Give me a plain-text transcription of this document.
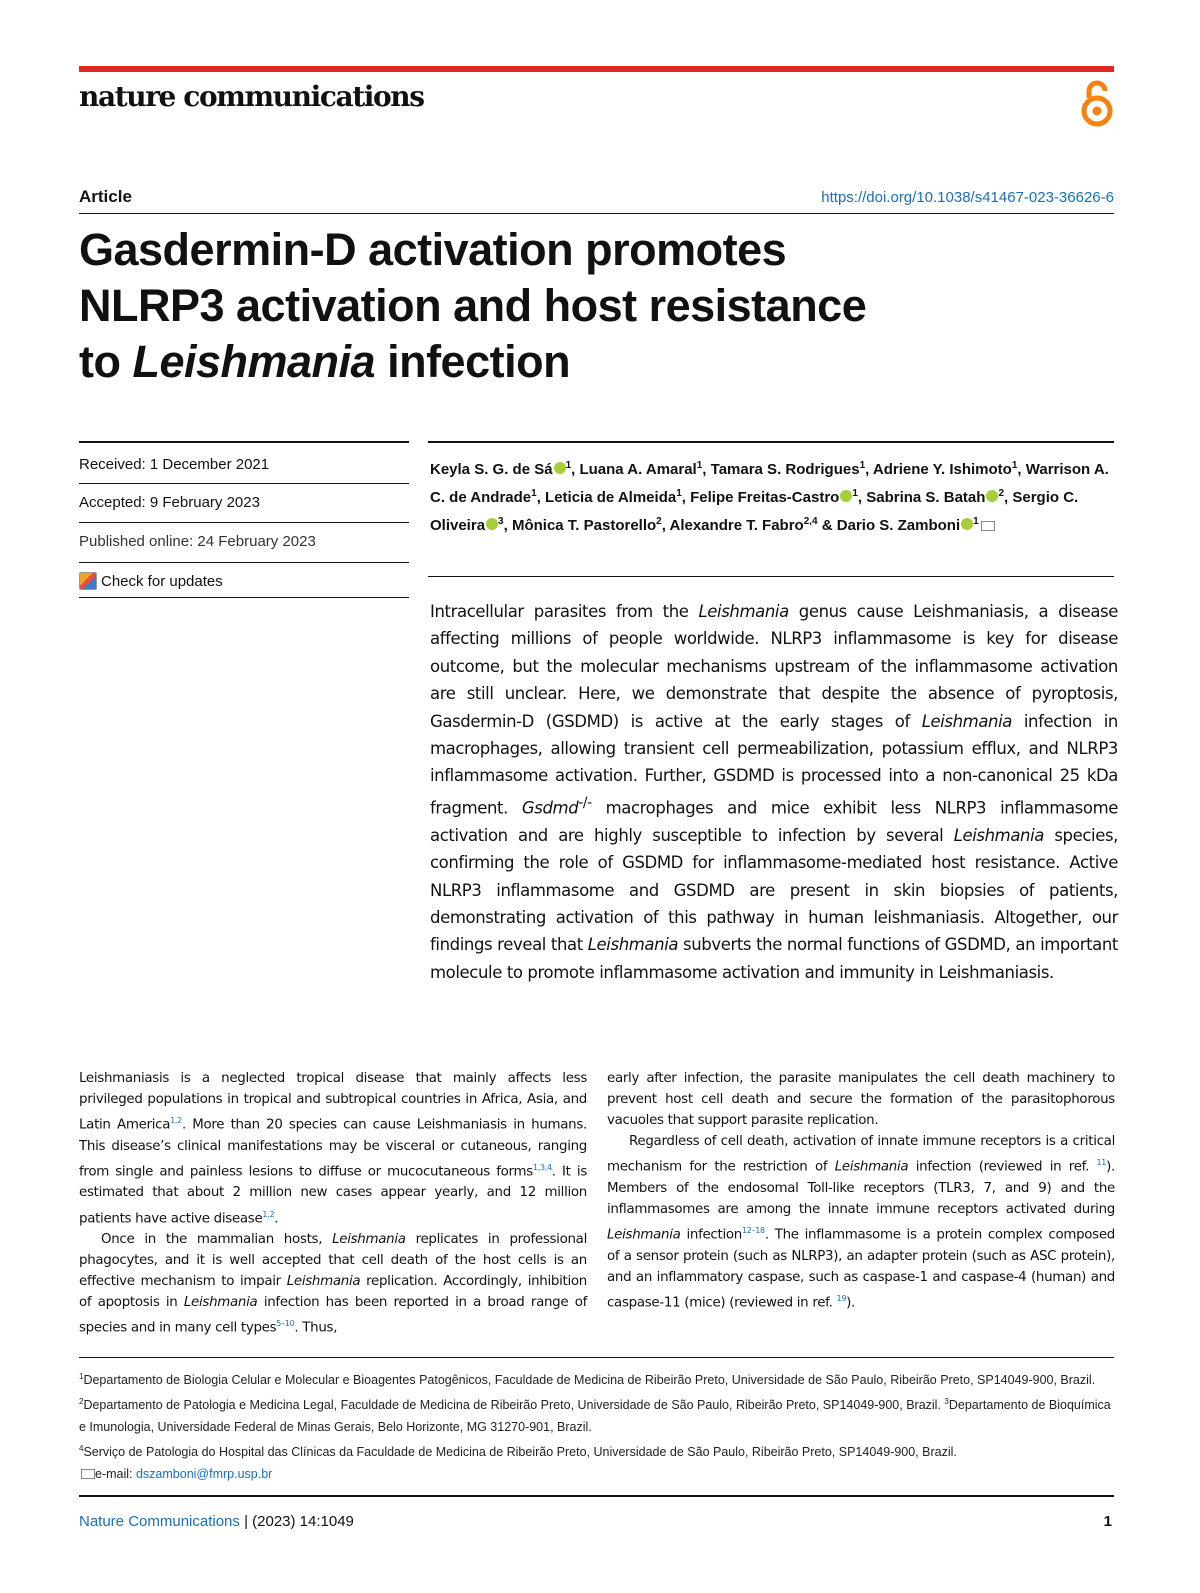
nature communications
Article	https://doi.org/10.1038/s41467-023-36626-6
Gasdermin-D activation promotes
NLRP3 activation and host resistance
to Leishmania infection
Received: 1 December 2021
Accepted: 9 February 2023
Published online: 24 February 2023
Check for updates
Keyla S. G. de Sá $^1$, Luana A. Amaral$^1$, Tamara S. Rodrigues$^1$, Adriene Y. Ishimoto$^1$, Warrison A. C. de Andrade$^1$, Leticia de Almeida$^1$, Felipe Freitas-Castro $^1$, Sabrina S. Batah $^2$, Sergio C. Oliveira $^3$, Mônica T. Pastorello$^2$, Alexandre T. Fabro$^{2,4}$ & Dario S. Zamboni $^1$
Intracellular parasites from the Leishmania genus cause Leishmaniasis, a disease affecting millions of people worldwide. NLRP3 inflammasome is key for disease outcome, but the molecular mechanisms upstream of the inflammasome activation are still unclear. Here, we demonstrate that despite the absence of pyroptosis, Gasdermin-D (GSDMD) is active at the early stages of Leishmania infection in macrophages, allowing transient cell permeabilization, potassium efflux, and NLRP3 inflammasome activation. Further, GSDMD is processed into a non-canonical 25 kDa fragment. Gsdmd-/- macrophages and mice exhibit less NLRP3 inflammasome activation and are highly susceptible to infection by several Leishmania species, confirming the role of GSDMD for inflammasome-mediated host resistance. Active NLRP3 inflammasome and GSDMD are present in skin biopsies of patients, demonstrating activation of this pathway in human leishmaniasis. Altogether, our findings reveal that Leishmania subverts the normal functions of GSDMD, an important molecule to promote inflammasome activation and immunity in Leishmaniasis.

Leishmaniasis is a neglected tropical disease that mainly affects less privileged populations in tropical and subtropical countries in Africa, Asia, and Latin America$^{1,2}$. More than 20 species can cause Leishmaniasis in humans. This disease’s clinical manifestations may be visceral or cutaneous, ranging from single and painless lesions to diffuse or mucocutaneous forms$^{1,3,4}$. It is estimated that about 2 million new cases appear yearly, and 12 million patients have active disease$^{1,2}$.

Once in the mammalian hosts, Leishmania replicates in professional phagocytes, and it is well accepted that cell death of the host cells is an effective mechanism to impair Leishmania replication. Accordingly, inhibition of apoptosis in Leishmania infection has been reported in a broad range of species and in many cell types$^{5-10}$. Thus,

early after infection, the parasite manipulates the cell death machinery to prevent host cell death and secure the formation of the parasitophorous vacuoles that support parasite replication.

Regardless of cell death, activation of innate immune receptors is a critical mechanism for the restriction of Leishmania infection (reviewed in ref. $^{11}$). Members of the endosomal Toll-like receptors (TLR3, 7, and 9) and the inflammasomes are among the innate immune receptors activated during Leishmania infection$^{12-18}$. The inflammasome is a protein complex composed of a sensor protein (such as NLRP3), an adapter protein (such as ASC protein), and an inflammatory caspase, such as caspase-1 and caspase-4 (human) and caspase-11 (mice) (reviewed in ref. $^{19}$).

$^1$Departamento de Biologia Celular e Molecular e Bioagentes Patogênicos, Faculdade de Medicina de Ribeirão Preto, Universidade de São Paulo, Ribeirão Preto, SP14049-900, Brazil. $^2$Departamento de Patologia e Medicina Legal, Faculdade de Medicina de Ribeirão Preto, Universidade de São Paulo, Ribeirão Preto, SP14049-900, Brazil. $^3$Departamento de Bioquímica e Imunologia, Universidade Federal de Minas Gerais, Belo Horizonte, MG 31270-901, Brazil.
$^4$Serviço de Patologia do Hospital das Clínicas da Faculdade de Medicina de Ribeirão Preto, Universidade de São Paulo, Ribeirão Preto, SP14049-900, Brazil.
e-mail: dszamboni@fmrp.usp.br
Nature Communications | (2023) 14:1049	1
